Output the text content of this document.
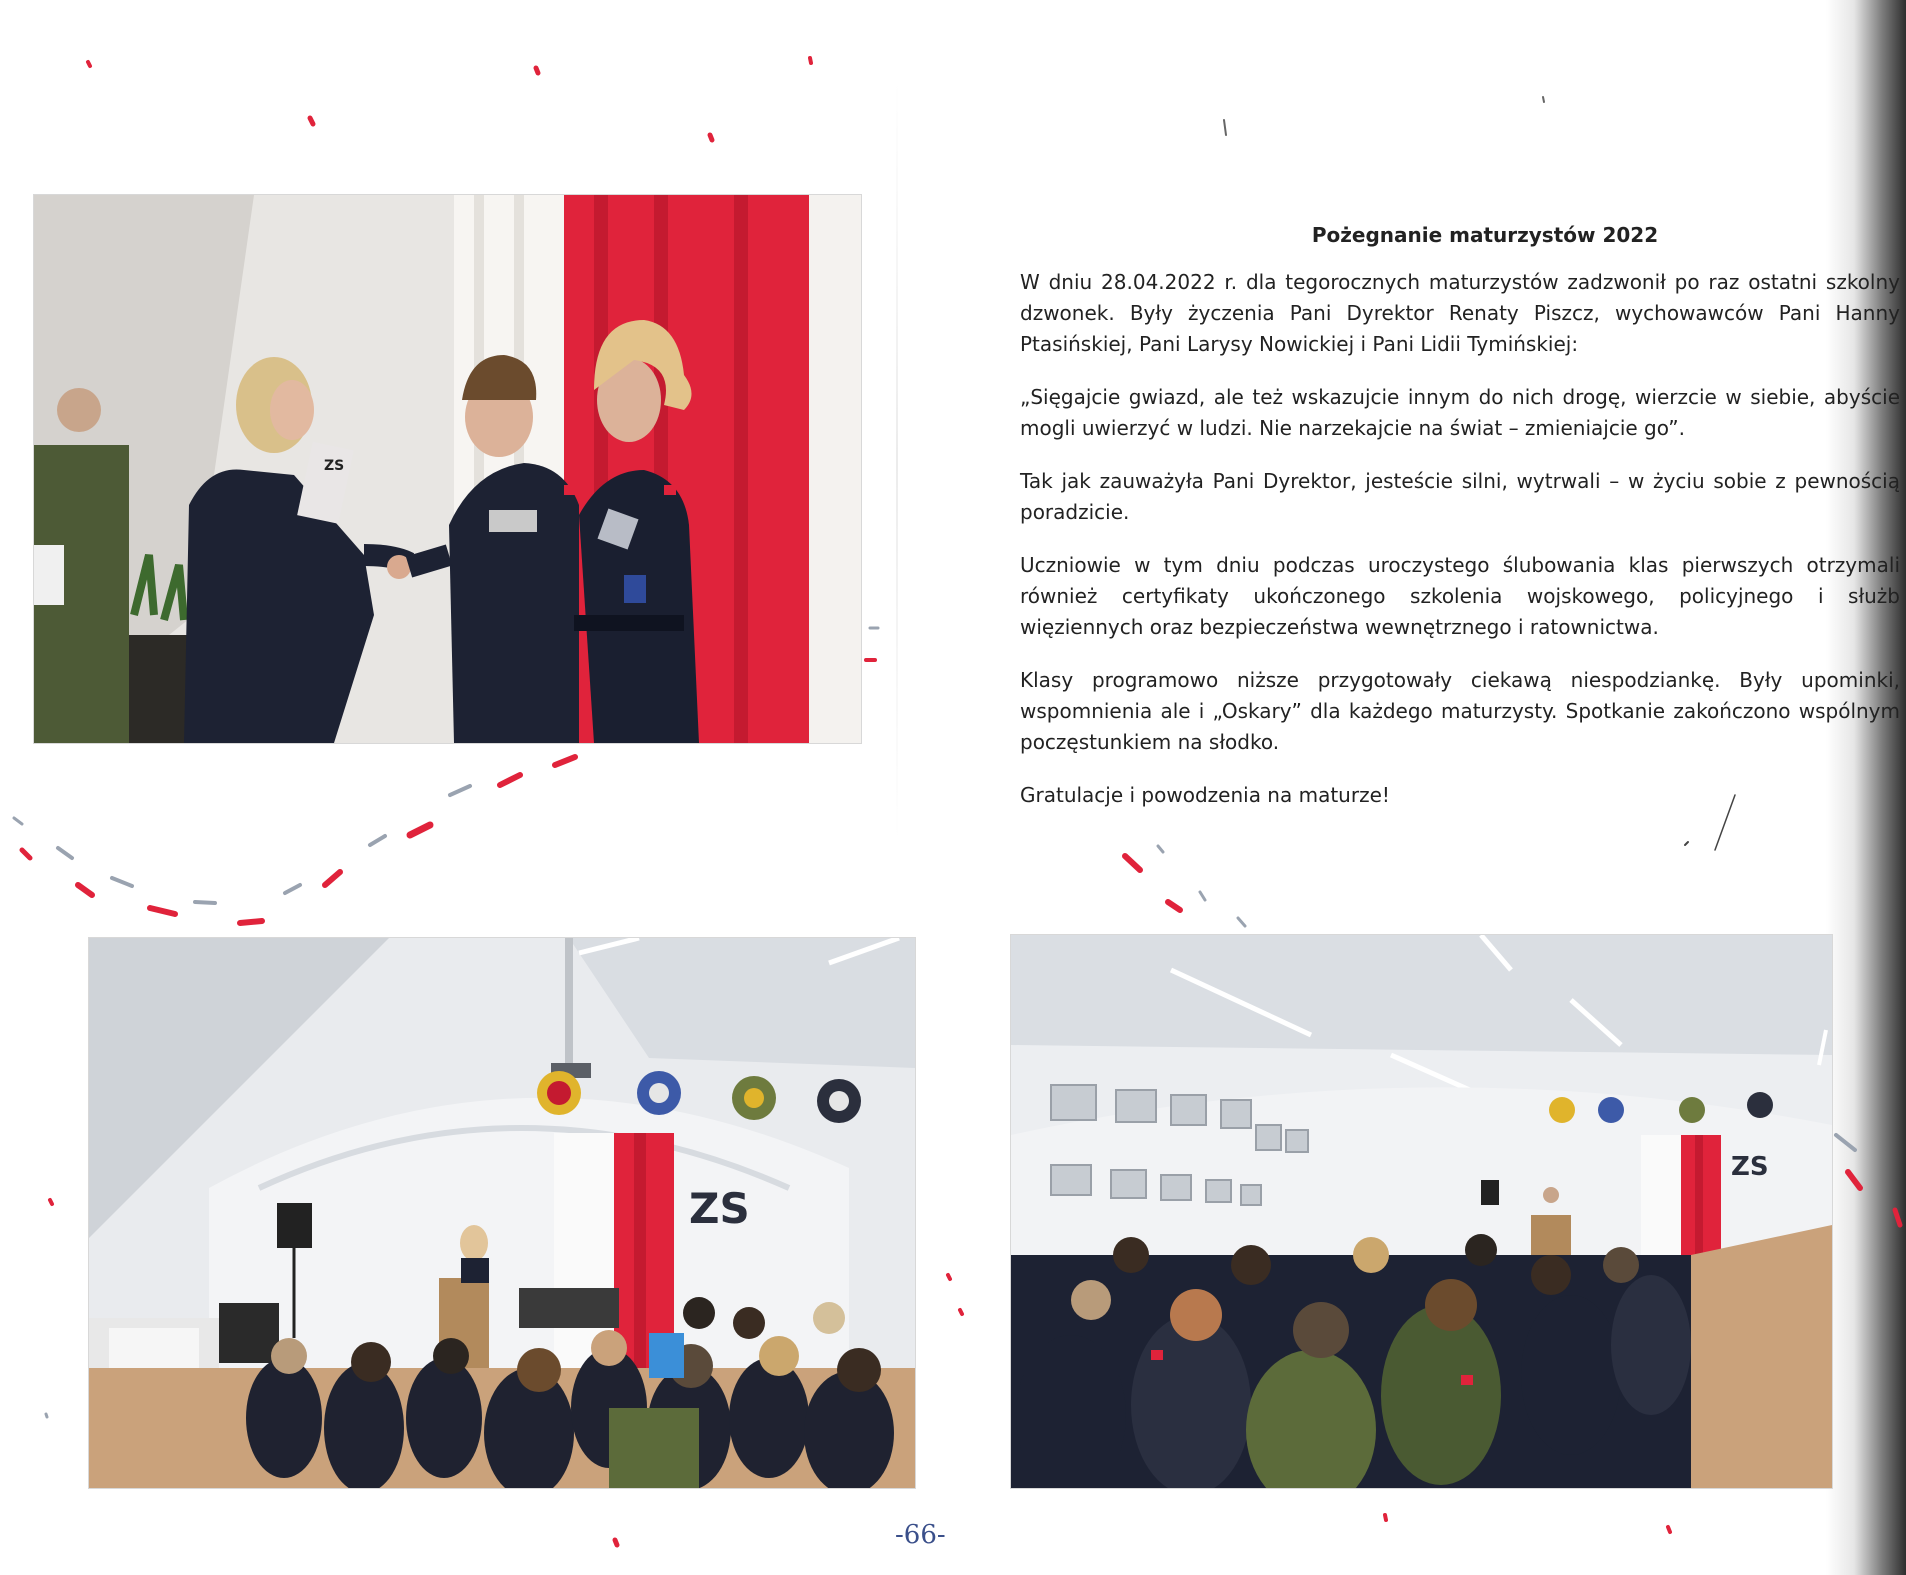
ZS
Pożegnanie maturzystów 2022

W dniu 28.04.2022 r. dla tegorocznych maturzystów zadzwonił po raz ostatni szkolny dzwonek. Były życzenia Pani Dyrektor Renaty Piszcz, wychowawców Pani Hanny Ptasińskiej, Pani Larysy Nowickiej i Pani Lidii Tymińskiej:

„Sięgajcie gwiazd, ale też wskazujcie innym do nich drogę, wierzcie w siebie, abyście mogli uwierzyć w ludzi. Nie narzekajcie na świat – zmieniajcie go”.

Tak jak zauważyła Pani Dyrektor, jesteście silni, wytrwali – w życiu sobie z pewnością poradzicie.

Uczniowie w tym dniu podczas uroczystego ślubowania klas pierwszych otrzymali również certyfikaty ukończonego szkolenia wojskowego, policyjnego i służb więziennych oraz bezpieczeństwa wewnętrznego i ratownictwa.

Klasy programowo niższe przygotowały ciekawą niespodziankę. Były upominki, wspomnienia ale i „Oskary” dla każdego maturzysty. Spotkanie zakończono wspólnym poczęstunkiem na słodko.

Gratulacje i powodzenia na maturze!

ZS
ZS
-66-
